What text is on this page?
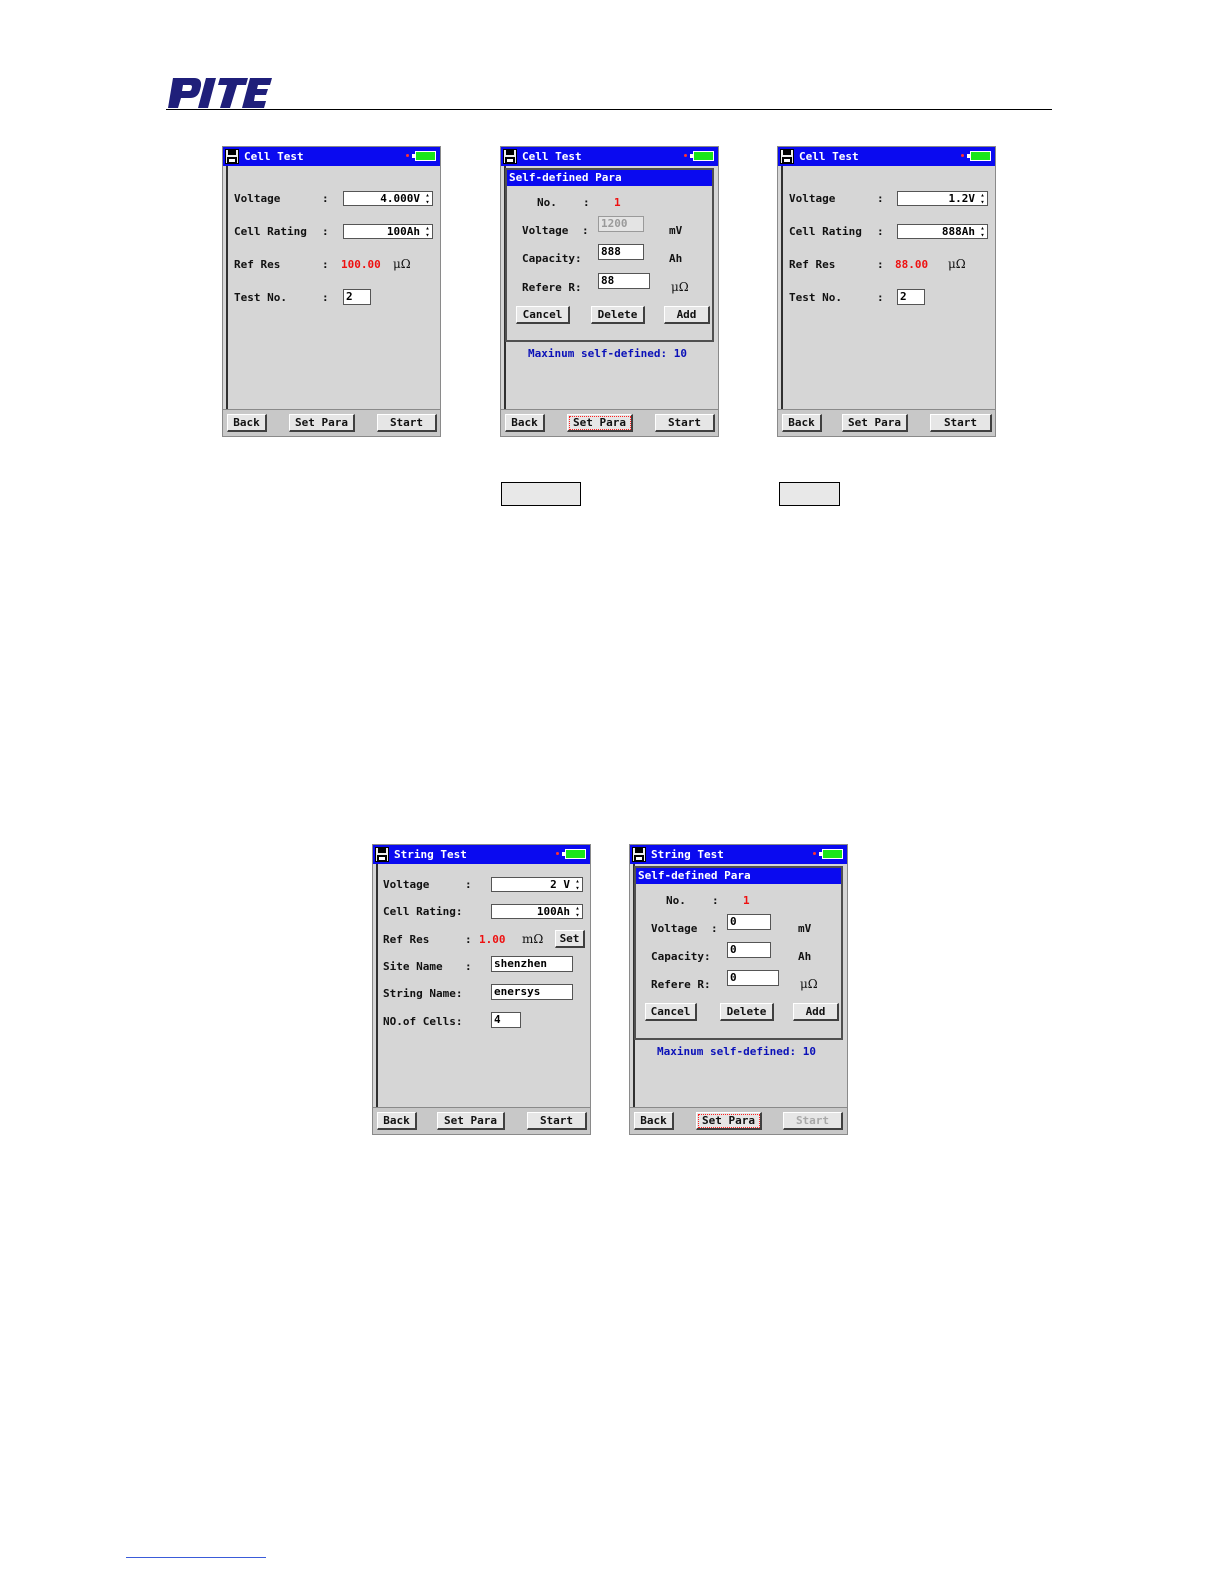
Cell Test
Voltage	:	4.000V ▴
▾
Cell Rating :	100Ah ▴
▾
Ref Res	: 100.00 μΩ
Test No.	: 2
Back	Set Para	Start
Cell Test
Self-defined Para
No. : 1
Voltage :
1200
mV
Capacity:
888
Ah
Refere R:
88	μΩ
Cancel	Delete	Add
Maxinum self-defined: 10
Back	Set Para	Start
Cell Test
Voltage	:	1.2V ▴
▾
Cell Rating :	888Ah ▴
▾
Ref Res	: 88.00 μΩ
Test No.	: 2
Back	Set Para	Start
String Test
Voltage	:	2 V ▴
▾
Cell Rating:	100Ah ▴
▾
Ref Res	: 1.00 mΩ	Set
Site Name : shenzhen
String Name:	enersys
NO.of Cells:	4
Back	Set Para	Start
String Test
Self-defined Para
No. : 1
Voltage :
0
mV
Capacity:
0
Ah
Refere R:
0	μΩ
Cancel	Delete	Add
Maxinum self-defined: 10
Back	Set Para	Start
